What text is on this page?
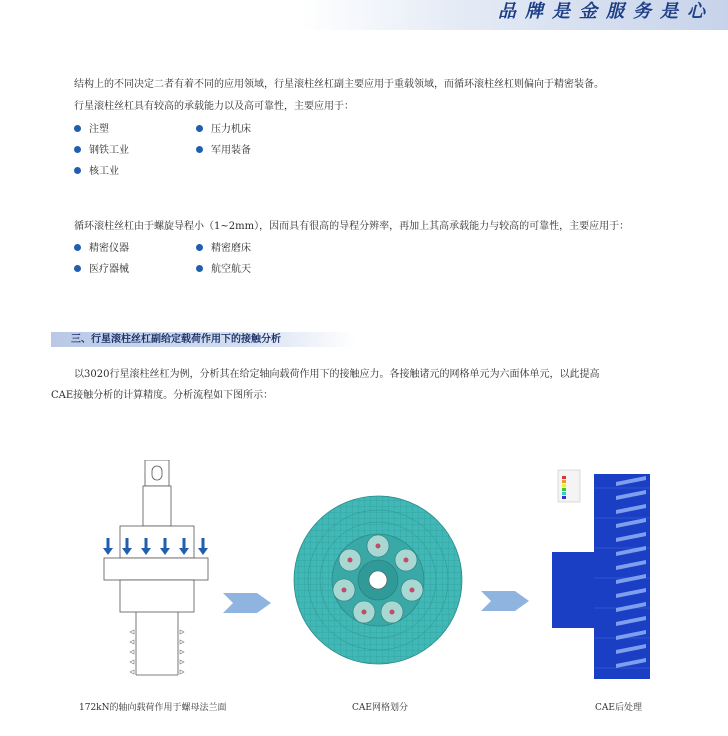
品牌是金服务是心
结构上的不同决定二者有着不同的应用领域，行星滚柱丝杠副主要应用于重载领域，而循环滚柱丝杠则偏向于精密装备。
行星滚柱丝杠具有较高的承载能力以及高可靠性，主要应用于：
注塑	压力机床
钢铁工业	军用装备
核工业
循环滚柱丝杠由于螺旋导程小（1~2mm），因而具有很高的导程分辨率，再加上其高承载能力与较高的可靠性，主要应用于：
精密仪器	精密磨床
医疗器械	航空航天
三、行星滚柱丝杠副给定载荷作用下的接触分析
以3020行星滚柱丝杠为例，分析其在给定轴向载荷作用下的接触应力。各接触诸元的网格单元为六面体单元，以此提高
CAE接触分析的计算精度。分析流程如下图所示：
172kN的轴向载荷作用于螺母法兰面	CAE网格划分	CAE后处理
